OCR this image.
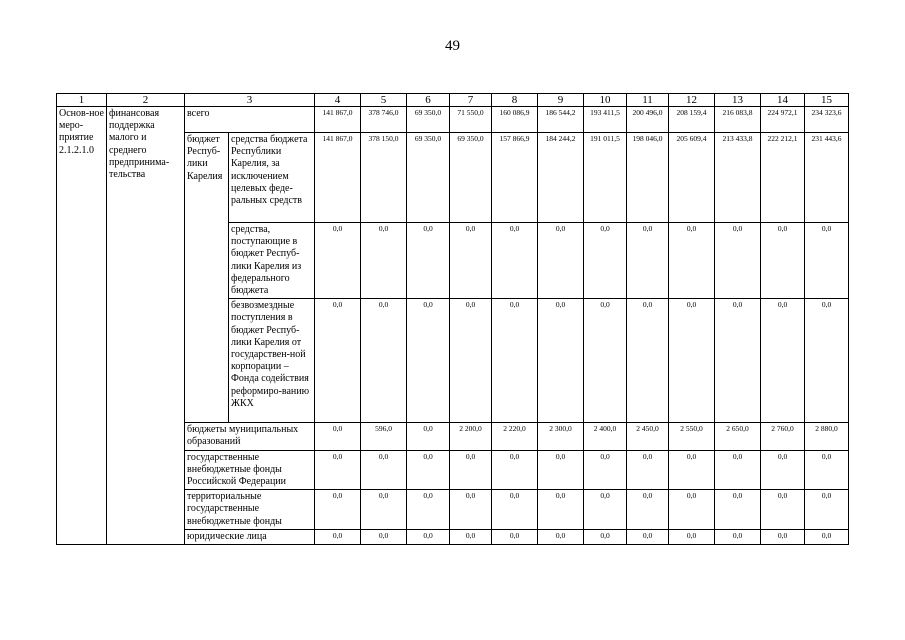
49
1	2	3		4	5	6	7	8	9	10	11	12	13	14	15
Основ-ное меро-приятие 2.1.2.1.0	финансовая поддержка малого и среднего предпринима-тельства	всего		141 867,0	378 746,0	69 350,0	71 550,0	160 086,9	186 544,2	193 411,5	200 496,0	208 159,4	216 083,8	224 972,1	234 323,6
		бюджет Респуб-лики Карелия	средства бюджета Республики Карелия, за исключением целевых феде-ральных средств	141 867,0	378 150,0	69 350,0	69 350,0	157 866,9	184 244,2	191 011,5	198 046,0	205 609,4	213 433,8	222 212,1	231 443,6
			средства, поступающие в бюджет Респуб-лики Карелия из федерального бюджета	0,0	0,0	0,0	0,0	0,0	0,0	0,0	0,0	0,0	0,0	0,0	0,0
			безвозмездные поступления в бюджет Респуб-лики Карелия от государствен-ной корпорации – Фонда содействия реформиро-ванию ЖКХ	0,0	0,0	0,0	0,0	0,0	0,0	0,0	0,0	0,0	0,0	0,0	0,0
		бюджеты муниципальных образований		0,0	596,0	0,0	2 200,0	2 220,0	2 300,0	2 400,0	2 450,0	2 550,0	2 650,0	2 760,0	2 880,0
		государственные внебюджетные фонды Российской Федерации		0,0	0,0	0,0	0,0	0,0	0,0	0,0	0,0	0,0	0,0	0,0	0,0
		территориальные государственные внебюджетные фонды		0,0	0,0	0,0	0,0	0,0	0,0	0,0	0,0	0,0	0,0	0,0	0,0
		юридические лица		0,0	0,0	0,0	0,0	0,0	0,0	0,0	0,0	0,0	0,0	0,0	0,0
